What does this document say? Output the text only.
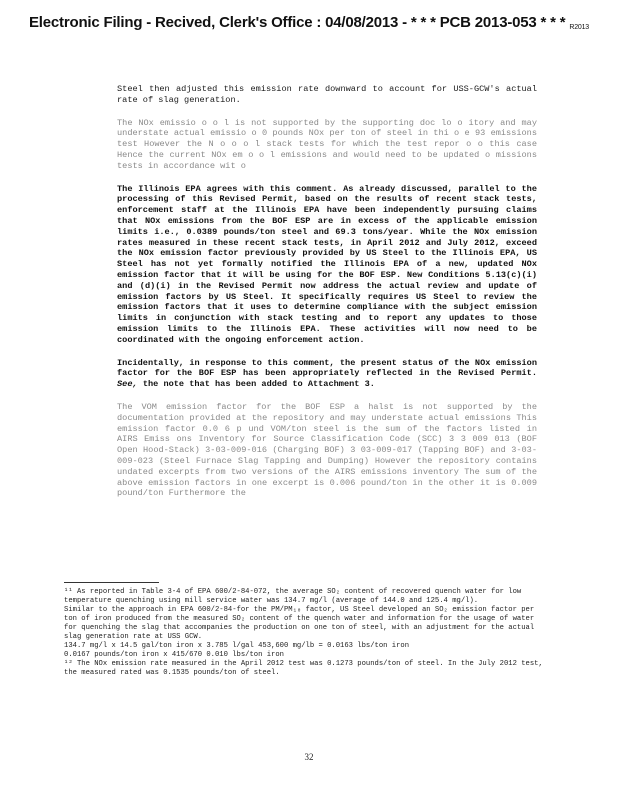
Electronic Filing - Recived, Clerk's Office : 04/08/2013 - * * * PCB 2013-053 * * * R2013

Steel then adjusted this emission rate downward to account for USS-GCW's actual rate of slag generation.

The NOx emissio o o l is not supported by the supporting doc lo o itory and may understate actual emissio o 0 pounds NOx per ton of steel in thi o e 93 emissions test However the N o o o l stack tests for which the test repor o o this case Hence the current NOx em o o l emissions and would need to be updated o missions tests in accordance wit o

The Illinois EPA agrees with this comment. As already discussed, parallel to the processing of this Revised Permit, based on the results of recent stack tests, enforcement staff at the Illinois EPA have been independently pursuing claims that NOx emissions from the BOF ESP are in excess of the applicable emission limits i.e., 0.0389 pounds/ton steel and 69.3 tons/year. While the NOx emission rates measured in these recent stack tests, in April 2012 and July 2012, exceed the NOx emission factor previously provided by US Steel to the Illinois EPA, US Steel has not yet formally notified the Illinois EPA of a new, updated NOx emission factor that it will be using for the BOF ESP. New Conditions 5.13(c)(i) and (d)(i) in the Revised Permit now address the actual review and update of emission factors by US Steel. It specifically requires US Steel to review the emission factors that it uses to determine compliance with the subject emission limits in conjunction with stack testing and to report any updates to those emission limits to the Illinois EPA. These activities will now need to be coordinated with the ongoing enforcement action.

Incidentally, in response to this comment, the present status of the NOx emission factor for the BOF ESP has been appropriately reflected in the Revised Permit. See, the note that has been added to Attachment 3.

The VOM emission factor for the BOF ESP a halst is not supported by the documentation provided at the repository and may understate actual emissions This emission factor 0.0 6 p und VOM/ton steel is the sum of the factors listed in AIRS Emiss ons Inventory for Source Classification Code (SCC) 3 3 009 013 (BOF Open Hood-Stack) 3-03-009-016 (Charging BOF) 3 03-009-017 (Tapping BOF) and 3-03-009-023 (Steel Furnace Slag Tapping and Dumping) However the repository contains undated excerpts from two versions of the AIRS emissions inventory The sum of the above emission factors in one excerpt is 0.006 pound/ton in the other it is 0.009 pound/ton Furthermore the

¹¹ As reported in Table 3-4 of EPA 600/2-84-072, the average SO₂ content of recovered quench water for low temperature quenching using mill service water was 134.7 mg/l (average of 144.0 and 125.4 mg/l).

Similar to the approach in EPA 600/2-84-for the PM/PM₁₀ factor, US Steel developed an SO₂ emission factor per ton of iron produced from the measured SO₂ content of the quench water and information for the usage of water for quenching the slag that accompanies the production on one ton of steel, with an adjustment for the actual slag generation rate at USS GCW.

134.7 mg/l x 14.5 gal/ton iron x 3.785 l/gal 453,600 mg/lb = 0.0163 lbs/ton iron

0.0167 pounds/ton iron x 415/670 0.010 lbs/ton iron

¹² The NOx emission rate measured in the April 2012 test was 0.1273 pounds/ton of steel. In the July 2012 test, the measured rated was 0.1535 pounds/ton of steel.

32
